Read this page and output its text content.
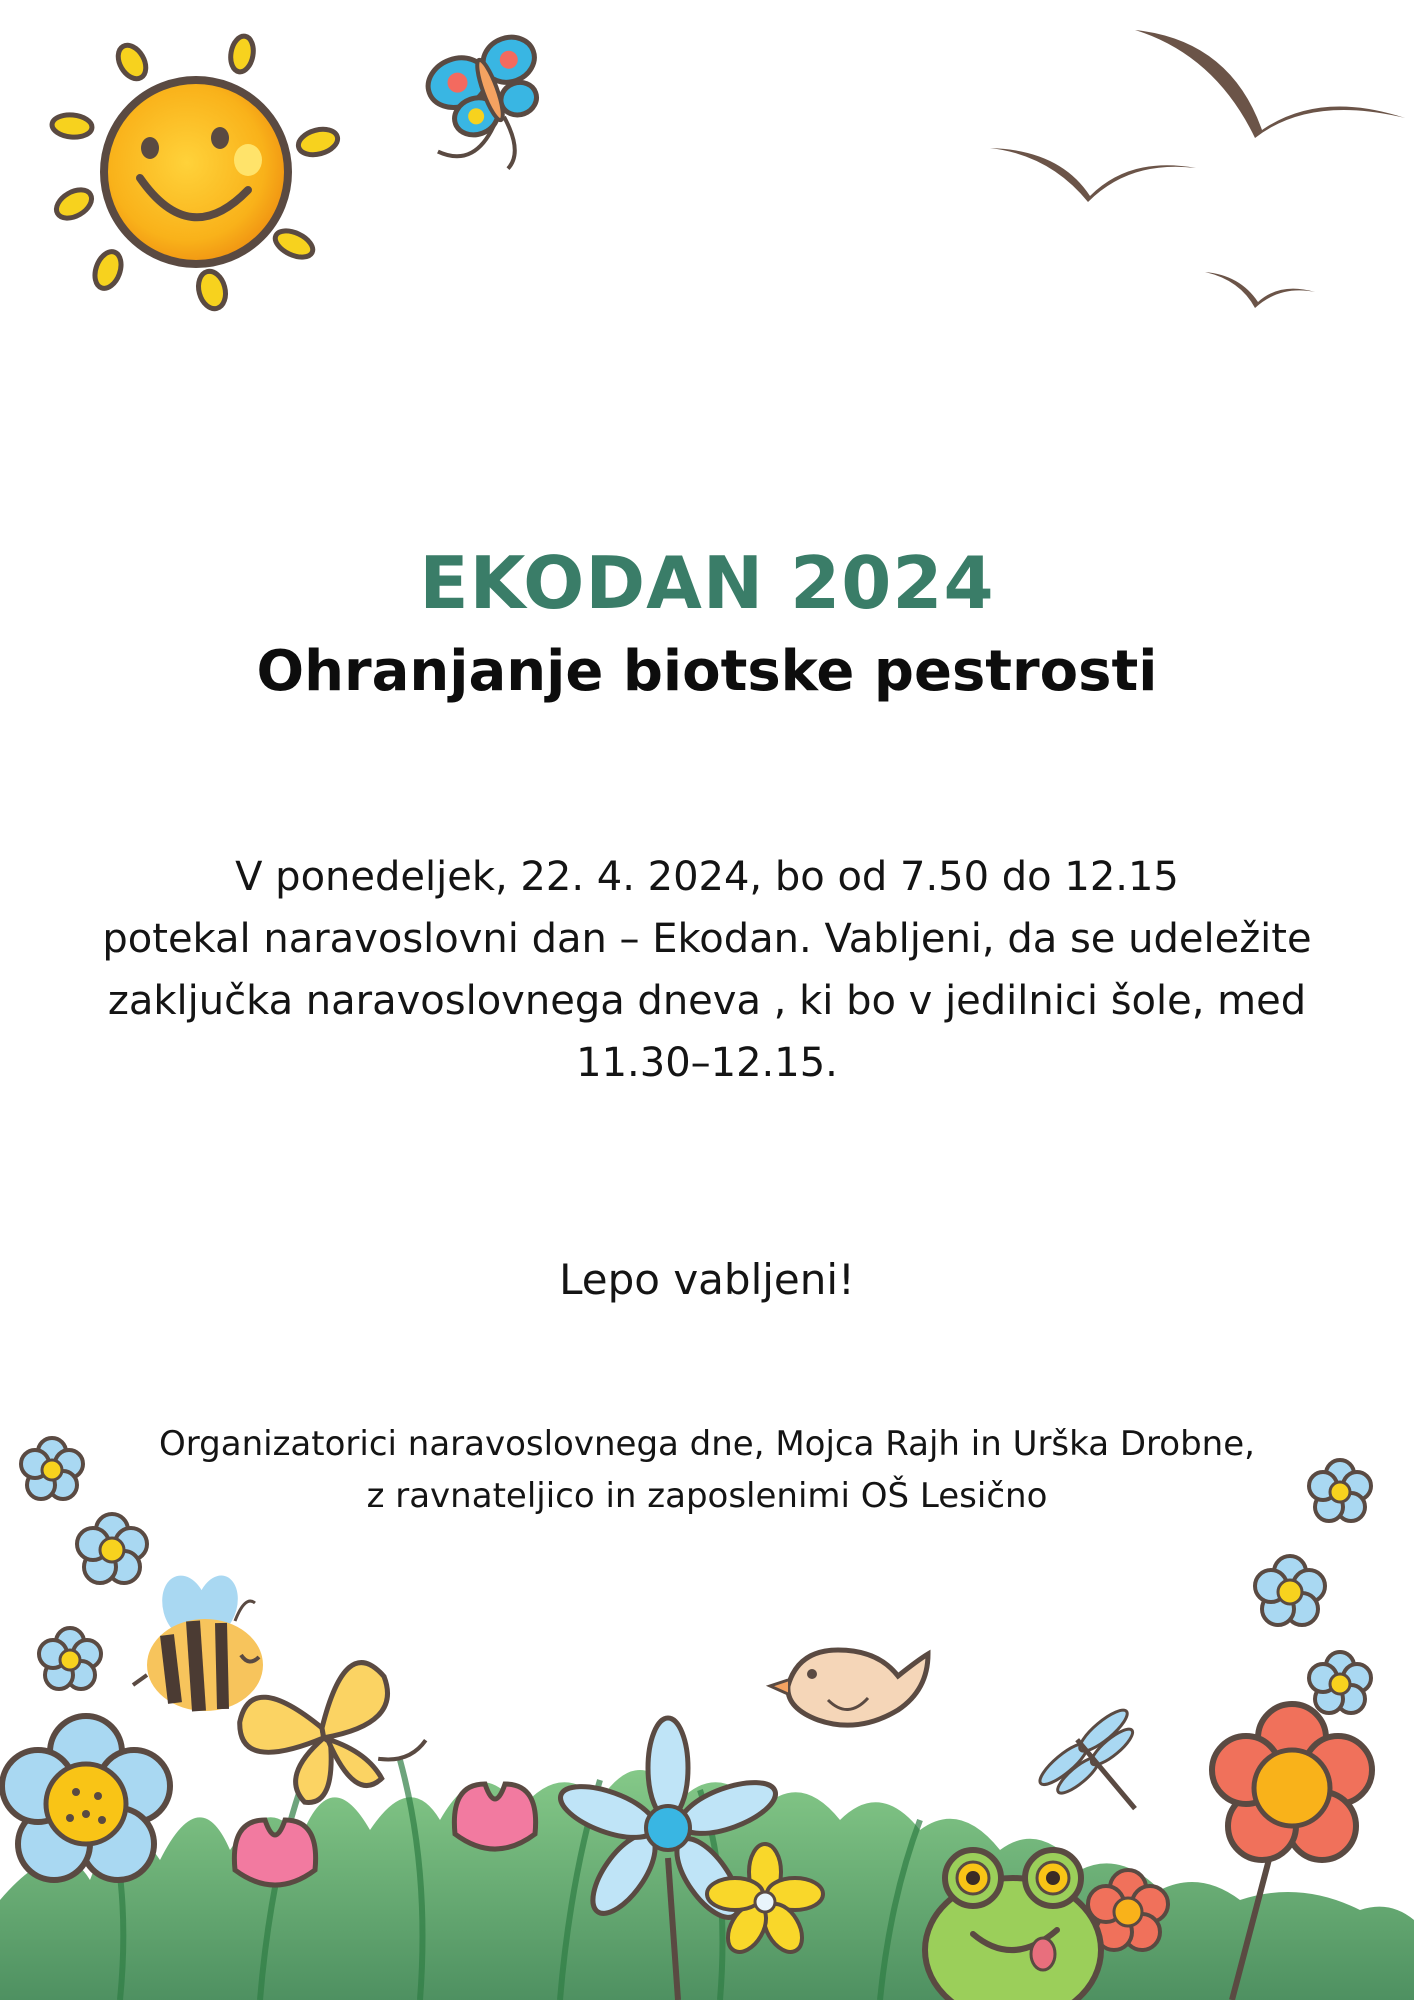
EKODAN 2024
Ohranjanje biotske pestrosti
V ponedeljek, 22. 4. 2024, bo od 7.50 do 12.15
potekal naravoslovni dan – Ekodan. Vabljeni, da se udeležite
zaključka naravoslovnega dneva , ki bo v jedilnici šole, med
11.30–12.15.
Lepo vabljeni!
Organizatorici naravoslovnega dne, Mojca Rajh in Urška Drobne,
z ravnateljico in zaposlenimi OŠ Lesično
